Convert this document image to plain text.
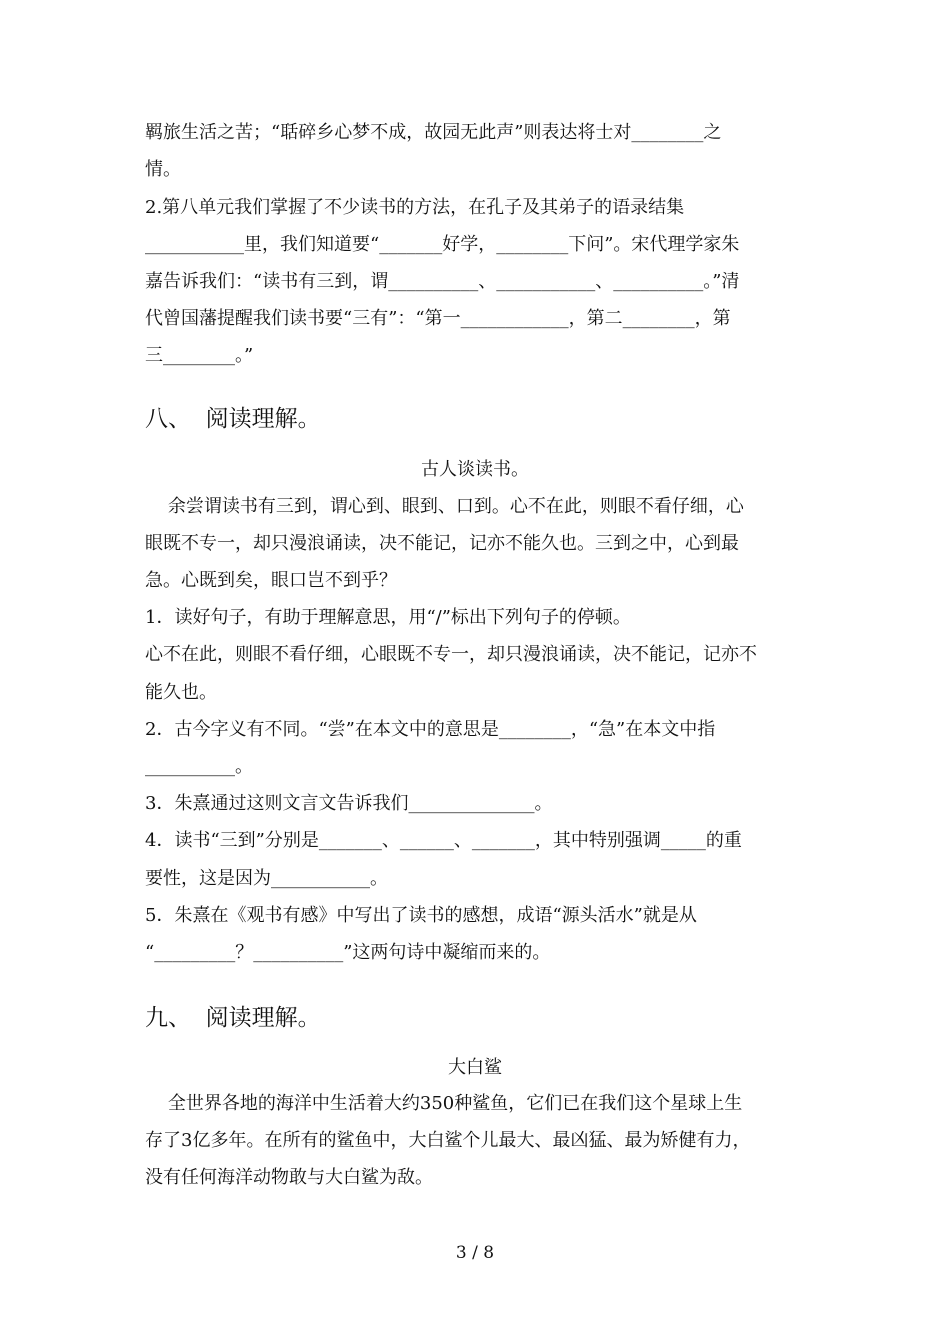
羁旅生活之苦；“聒碎乡心梦不成，故园无此声”则表达将士对________之
情。
2.第八单元我们掌握了不少读书的方法，在孔子及其弟子的语录结集
___________里，我们知道要“_______好学，________下问”。宋代理学家朱
嘉告诉我们：“读书有三到，谓__________、___________、__________。”清
代曾国藩提醒我们读书要“三有”：“第一____________，第二________，第
三________。”
八、  阅读理解。
古人谈读书。
余尝谓读书有三到，谓心到、眼到、口到。心不在此，则眼不看仔细，心
眼既不专一，却只漫浪诵读，决不能记，记亦不能久也。三到之中，心到最
急。心既到矣，眼口岂不到乎？
1．读好句子，有助于理解意思，用“/”标出下列句子的停顿。
心不在此，则眼不看仔细，心眼既不专一，却只漫浪诵读，决不能记，记亦不
能久也。
2．古今字义有不同。“尝”在本文中的意思是________，“急”在本文中指
__________。
3．朱熹通过这则文言文告诉我们______________。
4．读书“三到”分别是_______、______、_______，其中特别强调_____的重
要性，这是因为___________。
5．朱熹在《观书有感》中写出了读书的感想，成语“源头活水”就是从
“_________？__________”这两句诗中凝缩而来的。
九、  阅读理解。
大白鲨
全世界各地的海洋中生活着大约350种鲨鱼，它们已在我们这个星球上生
存了3亿多年。在所有的鲨鱼中，大白鲨个儿最大、最凶猛、最为矫健有力，
没有任何海洋动物敢与大白鲨为敌。
3 / 8
